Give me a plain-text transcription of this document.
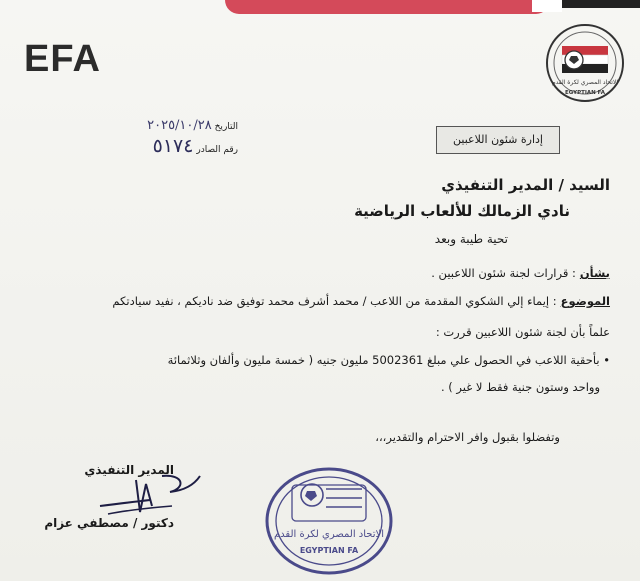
EFA
الاتحاد المصري لكرة القدم
EGYPTIAN FA
التاريخ ٢٠٢٥/١٠/٢٨
رقم الصادر ٥١٧٤	إدارة شئون اللاعبين
السيد / المدير التنفيذي
نادي الزمالك للألعاب الرياضية
تحية طيبة وبعد
بشأن: قرارات لجنة شئون اللاعبين .
الموضوع: إيماء إلي الشكوي المقدمة من اللاعب / محمد أشرف محمد توفيق ضد ناديكم ، نفيد سيادتكم
علماً بأن لجنة شئون اللاعبين قررت :
• بأحقية اللاعب في الحصول علي مبلغ 5002361 مليون جنيه ( خمسة مليون وألفان وثلاثمائة
وواحد وستون جنية فقط لا غير ) .
وتفضلوا بقبول وافر الاحترام والتقدير،،،
المدير التنفيذي
دكتور / مصطفي عزام
الاتحاد المصري لكرة القدم
EGYPTIAN FA
